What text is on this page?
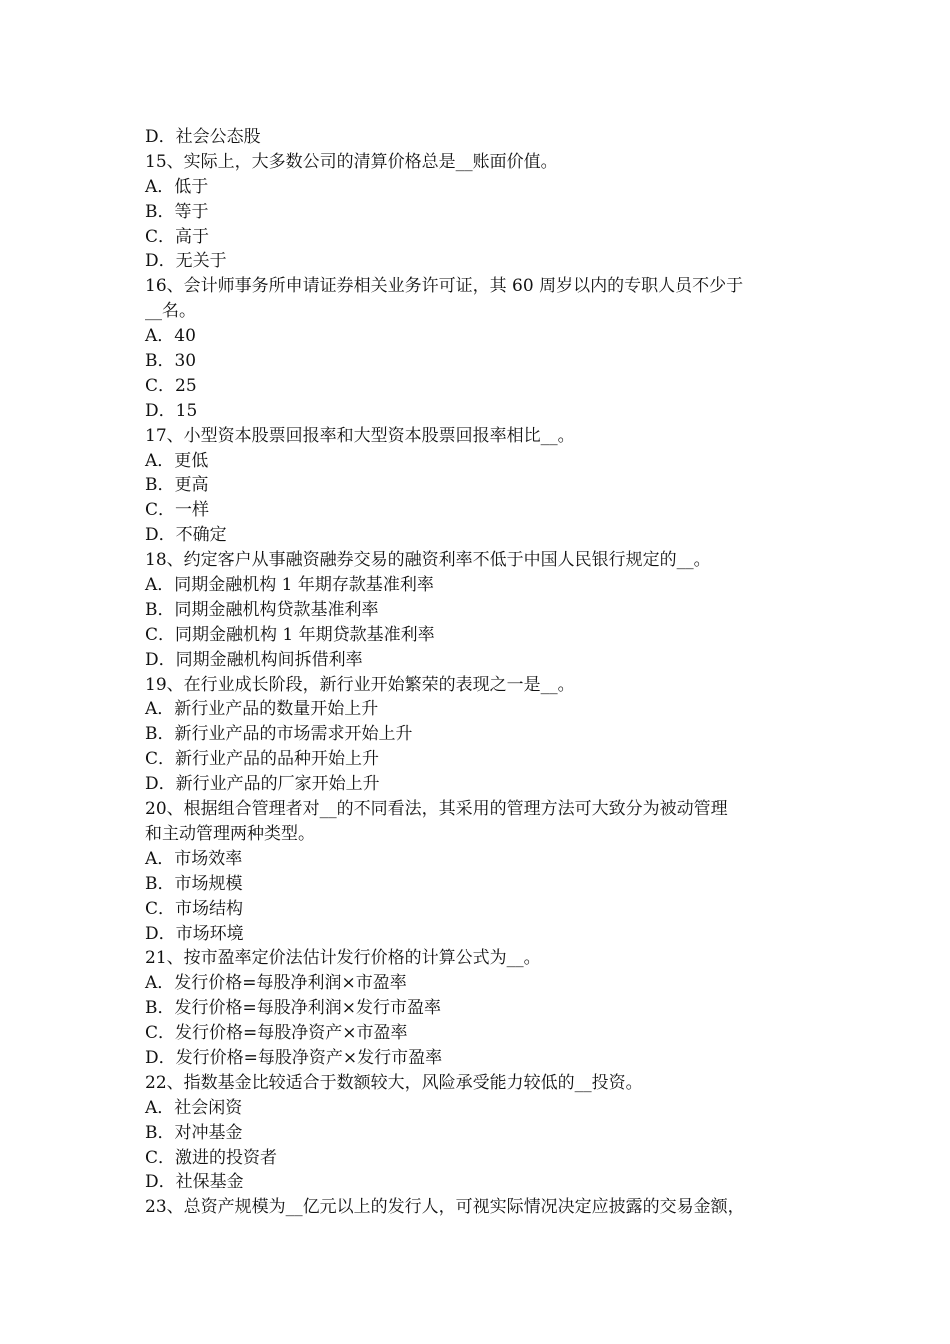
D．社会公态股
15、实际上，大多数公司的清算价格总是__账面价值。
A．低于
B．等于
C．高于
D．无关于
16、会计师事务所申请证券相关业务许可证，其 60 周岁以内的专职人员不少于
__名。
A．40
B．30
C．25
D．15
17、小型资本股票回报率和大型资本股票回报率相比__。
A．更低
B．更高
C．一样
D．不确定
18、约定客户从事融资融券交易的融资利率不低于中国人民银行规定的__。
A．同期金融机构 1 年期存款基准利率
B．同期金融机构贷款基准利率
C．同期金融机构 1 年期贷款基准利率
D．同期金融机构间拆借利率
19、在行业成长阶段，新行业开始繁荣的表现之一是__。
A．新行业产品的数量开始上升
B．新行业产品的市场需求开始上升
C．新行业产品的品种开始上升
D．新行业产品的厂家开始上升
20、根据组合管理者对__的不同看法，其采用的管理方法可大致分为被动管理
和主动管理两种类型。
A．市场效率
B．市场规模
C．市场结构
D．市场环境
21、按市盈率定价法估计发行价格的计算公式为__。
A．发行价格=每股净利润×市盈率
B．发行价格=每股净利润×发行市盈率
C．发行价格=每股净资产×市盈率
D．发行价格=每股净资产×发行市盈率
22、指数基金比较适合于数额较大，风险承受能力较低的__投资。
A．社会闲资
B．对冲基金
C．激进的投资者
D．社保基金
23、总资产规模为__亿元以上的发行人，可视实际情况决定应披露的交易金额，
